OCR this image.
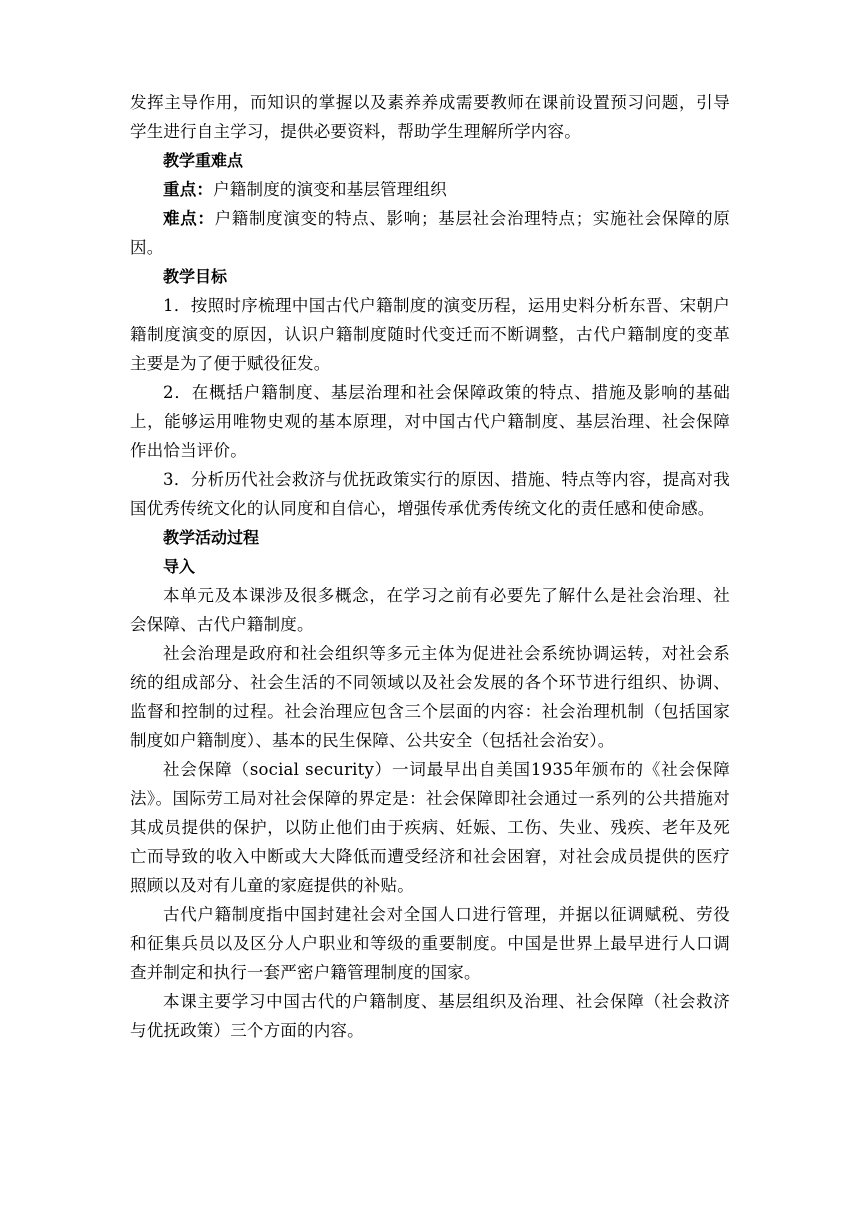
发挥主导作用，而知识的掌握以及素养养成需要教师在课前设置预习问题，引导学生进行自主学习，提供必要资料，帮助学生理解所学内容。

教学重难点

重点：户籍制度的演变和基层管理组织

难点：户籍制度演变的特点、影响；基层社会治理特点；实施社会保障的原因。

教学目标

1．按照时序梳理中国古代户籍制度的演变历程，运用史料分析东晋、宋朝户籍制度演变的原因，认识户籍制度随时代变迁而不断调整，古代户籍制度的变革主要是为了便于赋役征发。

2．在概括户籍制度、基层治理和社会保障政策的特点、措施及影响的基础上，能够运用唯物史观的基本原理，对中国古代户籍制度、基层治理、社会保障作出恰当评价。

3．分析历代社会救济与优抚政策实行的原因、措施、特点等内容，提高对我国优秀传统文化的认同度和自信心，增强传承优秀传统文化的责任感和使命感。

教学活动过程
导入

本单元及本课涉及很多概念，在学习之前有必要先了解什么是社会治理、社会保障、古代户籍制度。

社会治理是政府和社会组织等多元主体为促进社会系统协调运转，对社会系统的组成部分、社会生活的不同领域以及社会发展的各个环节进行组织、协调、监督和控制的过程。社会治理应包含三个层面的内容：社会治理机制（包括国家制度如户籍制度）、基本的民生保障、公共安全（包括社会治安）。

社会保障（social security）一词最早出自美国1935年颁布的《社会保障法》。国际劳工局对社会保障的界定是：社会保障即社会通过一系列的公共措施对其成员提供的保护，以防止他们由于疾病、妊娠、工伤、失业、残疾、老年及死亡而导致的收入中断或大大降低而遭受经济和社会困窘，对社会成员提供的医疗照顾以及对有儿童的家庭提供的补贴。

古代户籍制度指中国封建社会对全国人口进行管理，并据以征调赋税、劳役和征集兵员以及区分人户职业和等级的重要制度。中国是世界上最早进行人口调查并制定和执行一套严密户籍管理制度的国家。

本课主要学习中国古代的户籍制度、基层组织及治理、社会保障（社会救济与优抚政策）三个方面的内容。
